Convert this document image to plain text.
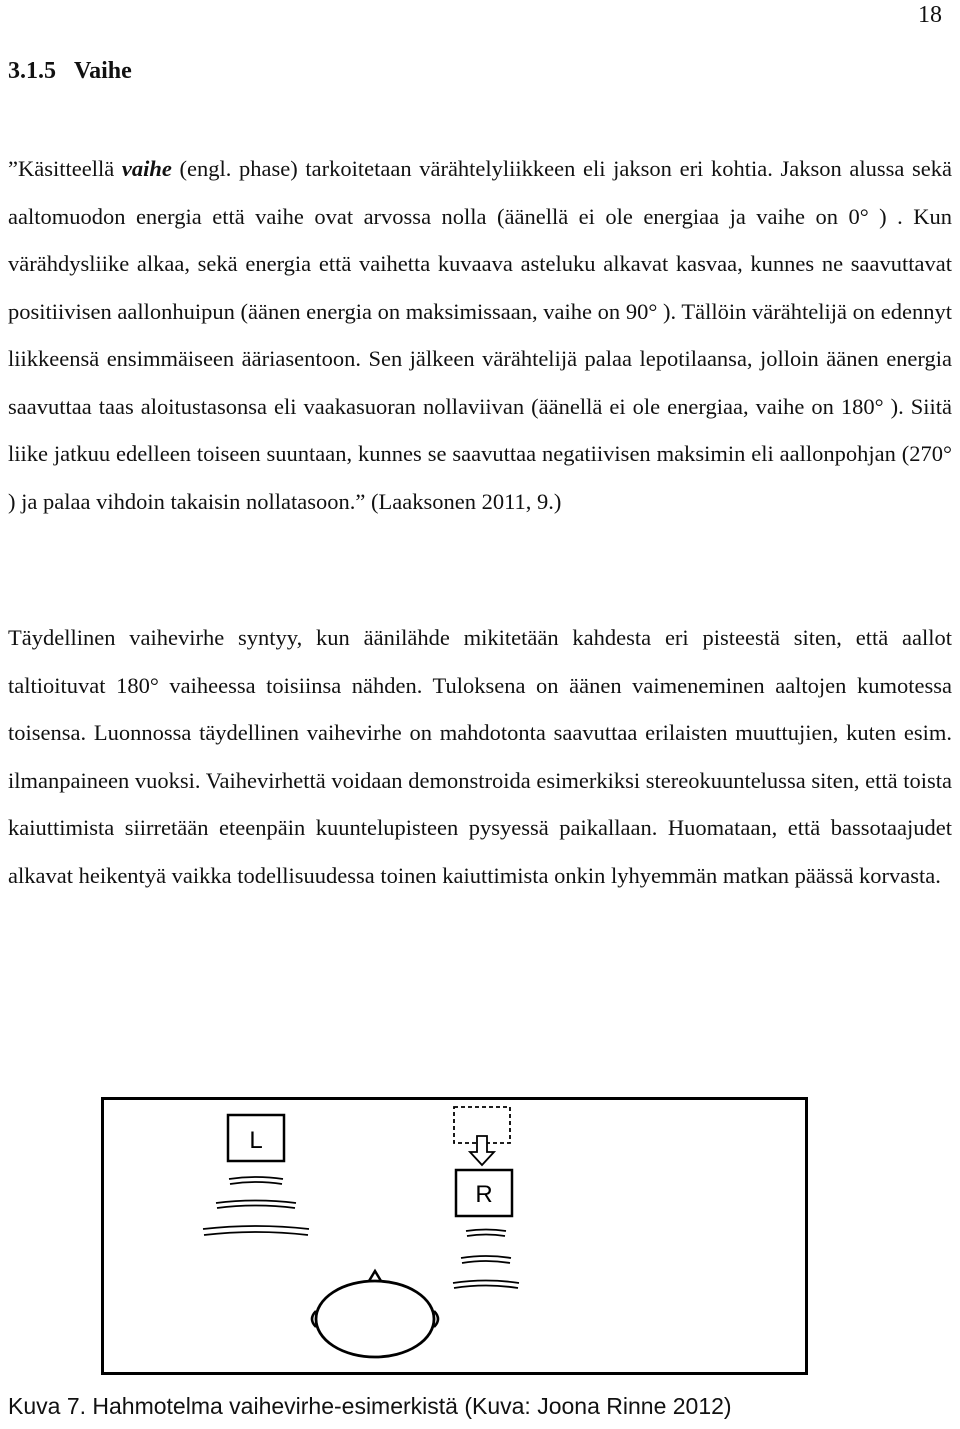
18
3.1.5 Vaihe

”Käsitteellä vaihe (engl. phase) tarkoitetaan värähtelyliikkeen eli jakson eri kohtia. Jakson alussa sekä aaltomuodon energia että vaihe ovat arvossa nolla (äänellä ei ole energiaa ja vaihe on 0° ) . Kun värähdysliike alkaa, sekä energia että vaihetta kuvaava asteluku alkavat kasvaa, kunnes ne saavuttavat positiivisen aallonhuipun (äänen energia on maksimissaan, vaihe on 90° ). Tällöin värähtelijä on edennyt liikkeensä ensimmäiseen ääriasentoon. Sen jälkeen värähtelijä palaa lepotilaansa, jolloin äänen energia saavuttaa taas aloitustasonsa eli vaakasuoran nollaviivan (äänellä ei ole energiaa, vaihe on 180° ). Siitä liike jatkuu edelleen toiseen suuntaan, kunnes se saavuttaa negatiivisen maksimin eli aallonpohjan (270° ) ja palaa vihdoin takaisin nollatasoon.” (Laaksonen 2011, 9.)

Täydellinen vaihevirhe syntyy, kun äänilähde mikitetään kahdesta eri pisteestä siten, että aallot taltioituvat 180° vaiheessa toisiinsa nähden. Tuloksena on äänen vaimeneminen aaltojen kumotessa toisensa. Luonnossa täydellinen vaihevirhe on mahdotonta saavuttaa erilaisten muuttujien, kuten esim. ilmanpaineen vuoksi. Vaihevirhettä voidaan demonstroida esimerkiksi stereokuuntelussa siten, että toista kaiuttimista siirretään eteenpäin kuuntelupisteen pysyessä paikallaan. Huomataan, että bassotaajudet alkavat heikentyä vaikka todellisuudessa toinen kaiuttimista onkin lyhyemmän matkan päässä korvasta.

L
R

Kuva 7. Hahmotelma vaihevirhe-esimerkistä (Kuva: Joona Rinne 2012)
